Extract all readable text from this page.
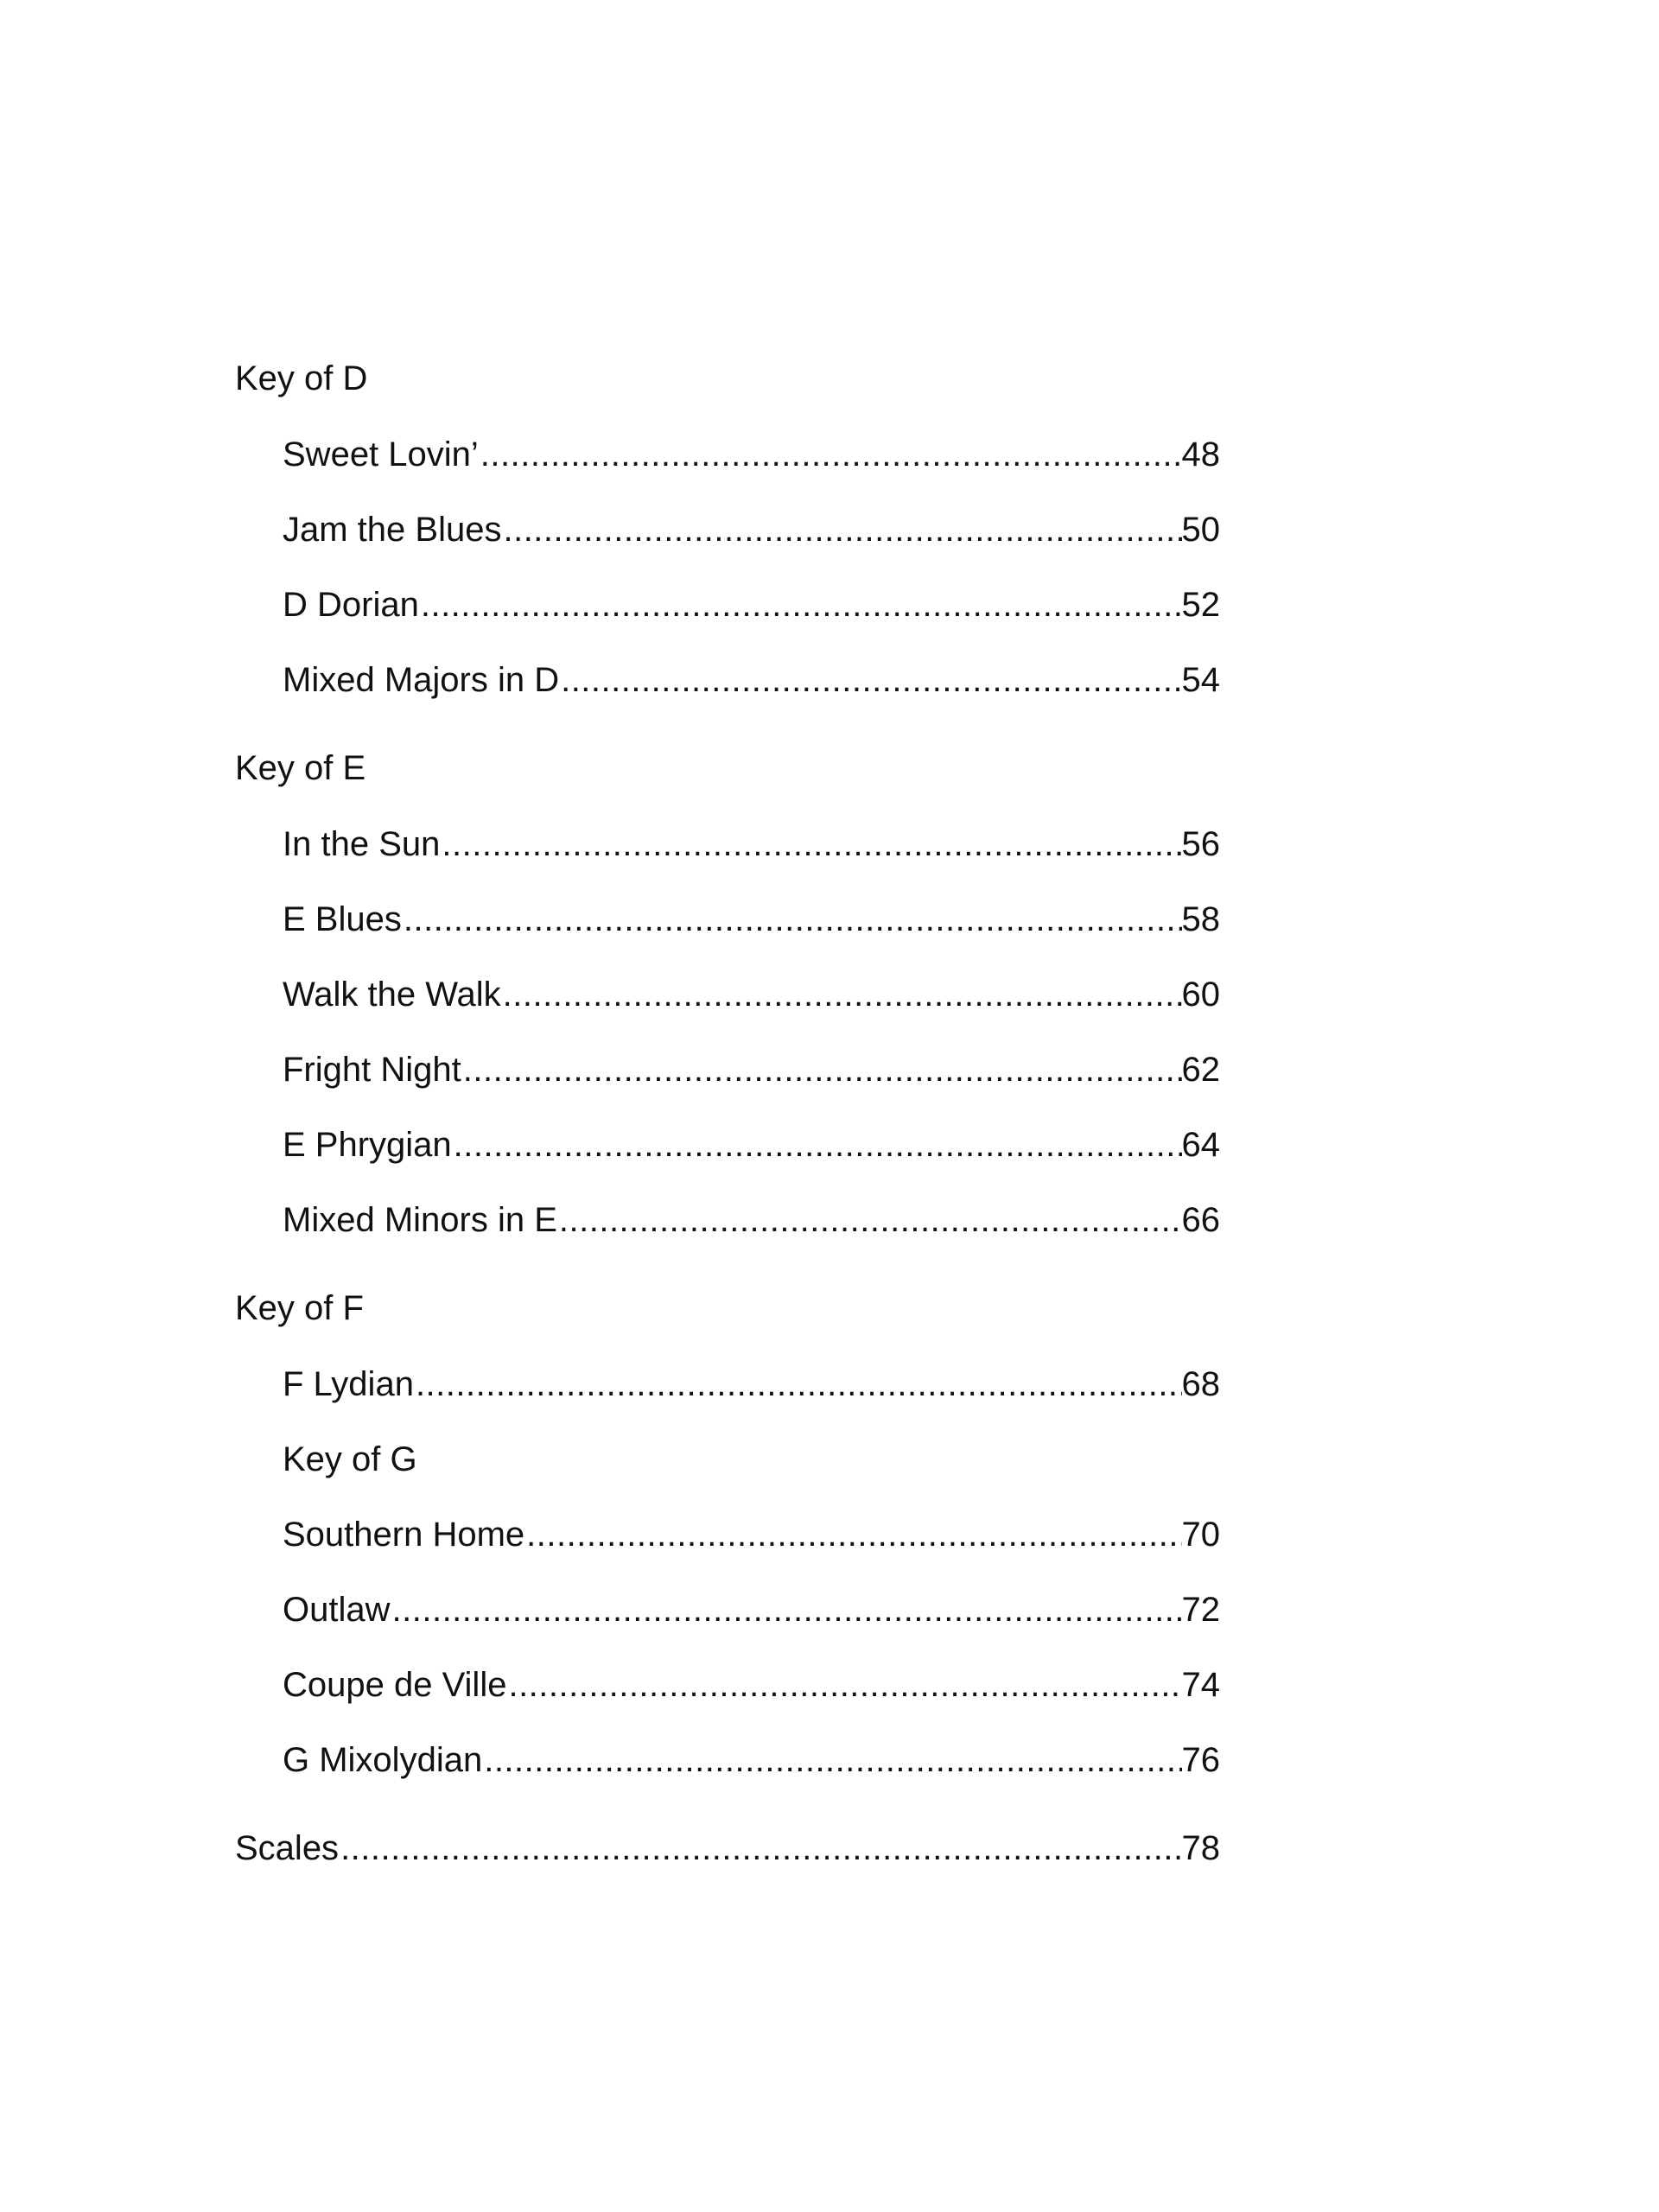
Key of D
Sweet Lovin’ .....	48
Jam the Blues .....	50
D Dorian .....	52
Mixed Majors in D .....	54
Key of E
In the Sun .....	56
E Blues .....	58
Walk the Walk .....	60
Fright Night .....	62
E Phrygian .....	64
Mixed Minors in E .....	66
Key of F
F Lydian .....	68
Key of G
Southern Home .....	70
Outlaw .....	72
Coupe de Ville .....	74
G Mixolydian .....	76
Scales .....	78
